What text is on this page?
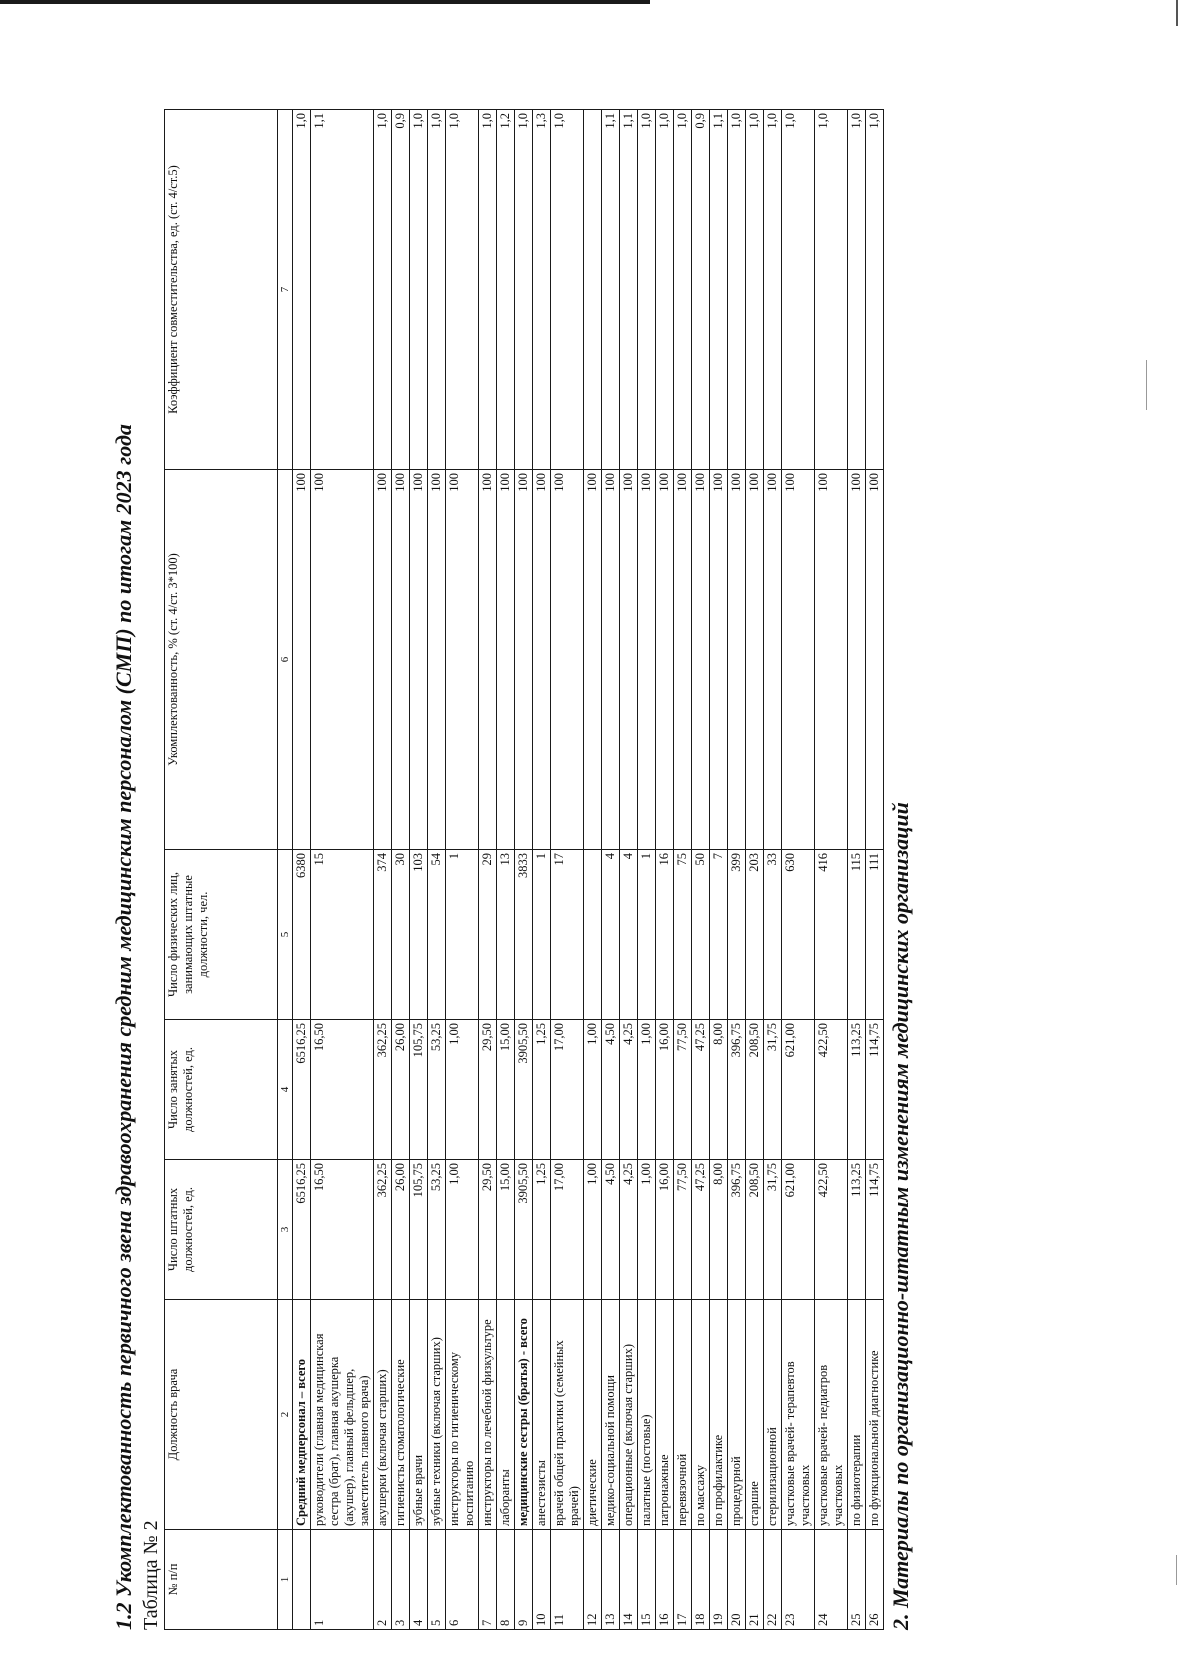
1.2 Укомплектованность первичного звена здравоохранения средним медицинским персоналом (СМП) по итогам 2023 года Таблица № 2 № п/п	Должность врача	Число штатных должностей, ед.	Число занятых должностей, ед.	Число физических лиц, занимающих штатные должности, чел.	Укомплектованность, % (ст. 4/ст. 3*100)	Коэффициент совместительства, ед. (ст. 4/ст.5)
1	2	3	4	5	6	7
	Средний медперсонал – всего	6516,25	6516,25	6380	100	1,0
1	руководители (главная медицинская сестра (брат), главная акушерка (акушер), главный фельдшер, заместитель главного врача)	16,50	16,50	15	100	1,1
2	акушерки (включая старших)	362,25	362,25	374	100	1,0
3	гигиенисты стоматологические	26,00	26,00	30	100	0,9
4	зубные врачи	105,75	105,75	103	100	1,0
5	зубные техники (включая старших)	53,25	53,25	54	100	1,0
6	инструкторы по гигиеническому воспитанию	1,00	1,00	1	100	1,0
7	инструкторы по лечебной физкультуре	29,50	29,50	29	100	1,0
8	лаборанты	15,00	15,00	13	100	1,2
9	медицинские сестры (братья) - всего	3905,50	3905,50	3833	100	1,0
10	анестезисты	1,25	1,25	1	100	1,3
11	врачей общей практики (семейных врачей)	17,00	17,00	17	100	1,0
12	диетические	1,00	1,00		100	
13	медико-социальной помощи	4,50	4,50	4	100	1,1
14	операционные (включая старших)	4,25	4,25	4	100	1,1
15	палатные (постовые)	1,00	1,00	1	100	1,0
16	патронажные	16,00	16,00	16	100	1,0
17	перевязочной	77,50	77,50	75	100	1,0
18	по массажу	47,25	47,25	50	100	0,9
19	по профилактике	8,00	8,00	7	100	1,1
20	процедурной	396,75	396,75	399	100	1,0
21	старшие	208,50	208,50	203	100	1,0
22	стерилизационной	31,75	31,75	33	100	1,0
23	участковые врачей- терапевтов участковых	621,00	621,00	630	100	1,0
24	участковые врачей- педиатров участковых	422,50	422,50	416	100	1,0
25	по физиотерапии	113,25	113,25	115	100	1,0
26	по функциональной диагностике	114,75	114,75	111	100	1,0
2. Материалы по организационно-штатным изменениям медицинских организаций
